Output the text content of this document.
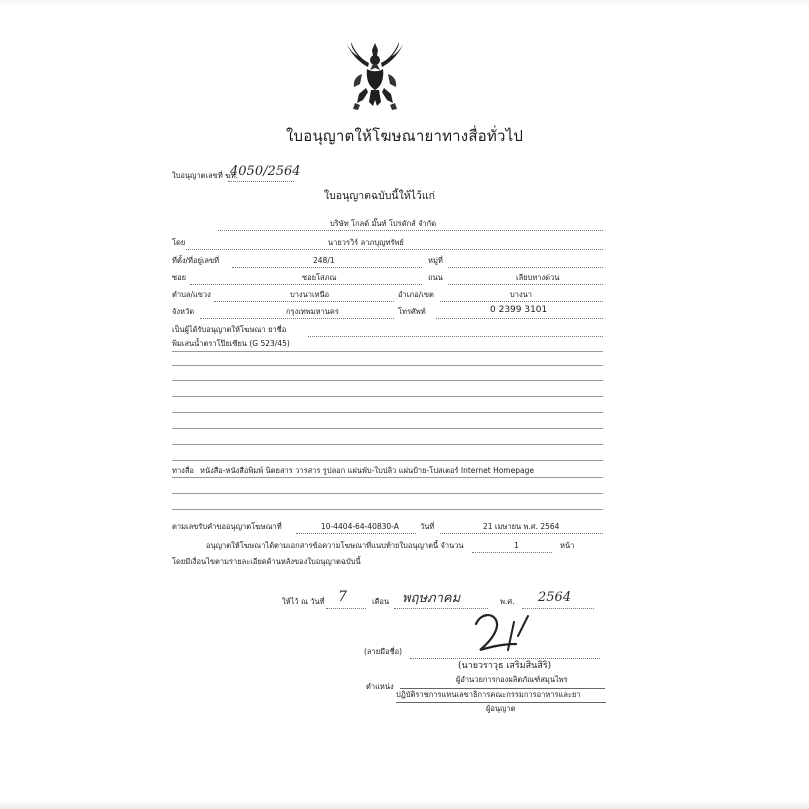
ใบอนุญาตให้โฆษณายาทางสื่อทั่วไป
ใบอนุญาตเลขที่ ฆท.
4050/2564
ใบอนุญาตฉบับนี้ให้ไว้แก่
บริษัท โกลด์ มั๊นท์ โปรดักส์ จำกัด
โดย	นายวรวิร์ ลาภบุญทรัพย์
ที่ตั้ง/ที่อยู่เลขที่	248/1	หมู่ที่
ซอย	ซอยโสภณ	ถนน	เลียบทางด่วน
ตำบล/แขวง	บางนาเหนือ	อำเภอ/เขต	บางนา
จังหวัด	กรุงเทพมหานคร	โทรศัพท์	0 2399 3101
เป็นผู้ได้รับอนุญาตให้โฆษณา ยาชื่อ
พิมเสนน้ำตราโป๊ยเซียน (G 523/45)
ทางสื่อ หนังสือ-หนังสือพิมพ์ นิตยสาร วารสาร รูปลอก แผ่นพับ-ใบปลิว แผ่นป้าย-โปสเตอร์ Internet Homepage
ตามเลขรับคำขออนุญาตโฆษณาที่	10-4404-64-40830-A	วันที่	21 เมษายน พ.ศ. 2564
อนุญาตให้โฆษณาได้ตามเอกสารข้อความโฆษณาที่แนบท้ายใบอนุญาตนี้ จำนวน	1	หน้า
โดยมีเงื่อนไขตามรายละเอียดด้านหลังของใบอนุญาตฉบับนี้
ให้ไว้ ณ วันที่ 7	เดือน พฤษภาคม	พ.ศ. 2564
(ลายมือชื่อ)
(นายวราวุธ เสริมสินสิริ)
ตำแหน่ง
ผู้อำนวยการกองผลิตภัณฑ์สมุนไพร
ปฏิบัติราชการแทนเลขาธิการคณะกรรมการอาหารและยา
ผู้อนุญาต
